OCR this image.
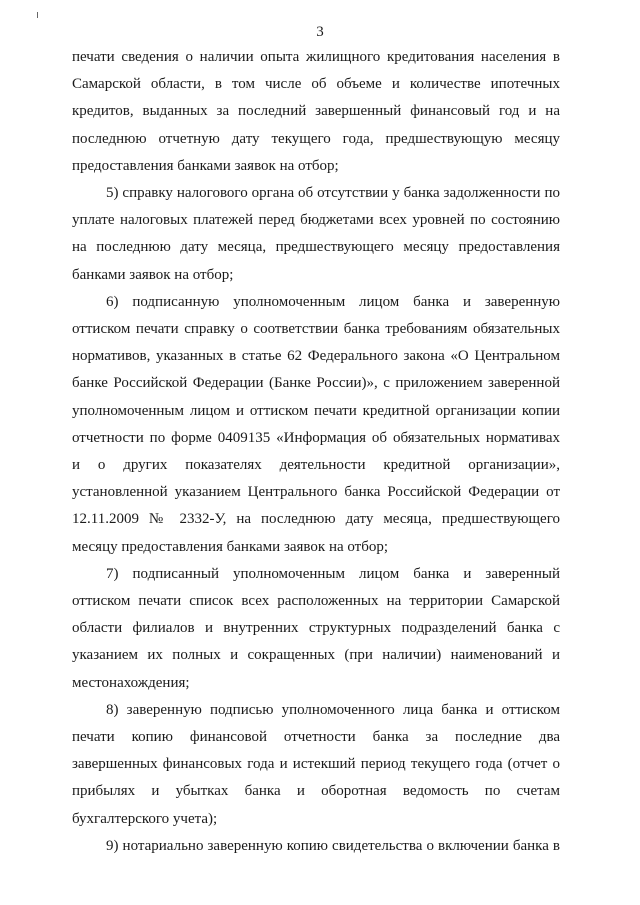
3
печати сведения о наличии опыта жилищного кредитования населения в
Самарской области, в том числе об объеме и количестве ипотечных
кредитов, выданных за последний завершенный финансовый год и на
последнюю отчетную дату текущего года, предшествующую месяцу
предоставления банками заявок на отбор;
5) справку налогового органа об отсутствии у банка задолженности по
уплате налоговых платежей перед бюджетами всех уровней по состоянию
на последнюю дату месяца, предшествующего месяцу предоставления
банками заявок на отбор;
6) подписанную уполномоченным лицом банка и заверенную
оттиском печати справку о соответствии банка требованиям обязательных
нормативов, указанных в статье 62 Федерального закона «О Центральном
банке Российской Федерации (Банке России)», с приложением заверенной
уполномоченным лицом и оттиском печати кредитной организации копии
отчетности по форме 0409135 «Информация об обязательных нормативах
и о других показателях деятельности кредитной организации»,
установленной указанием Центрального банка Российской Федерации от
12.11.2009 № 2332-У, на последнюю дату месяца, предшествующего
месяцу предоставления банками заявок на отбор;
7) подписанный уполномоченным лицом банка и заверенный
оттиском печати список всех расположенных на территории Самарской
области филиалов и внутренних структурных подразделений банка с
указанием их полных и сокращенных (при наличии) наименований и
местонахождения;
8) заверенную подписью уполномоченного лица банка и оттиском
печати копию финансовой отчетности банка за последние два
завершенных финансовых года и истекший период текущего года (отчет о
прибылях и убытках банка и оборотная ведомость по счетам
бухгалтерского учета);
9) нотариально заверенную копию свидетельства о включении банка в
